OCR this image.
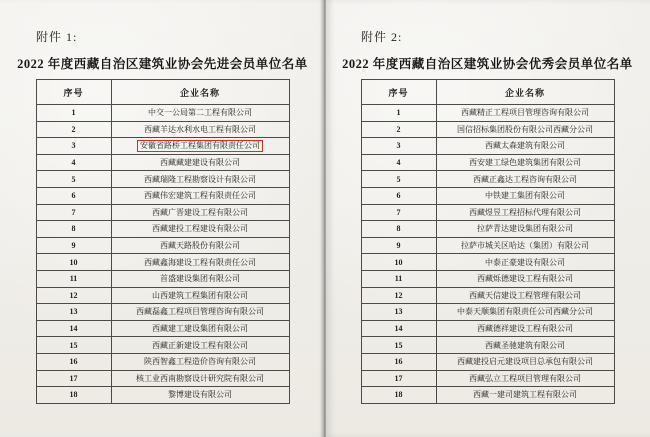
附件 1:
2022 年度西藏自治区建筑业协会先进会员单位名单
序号	企业名称
1	中交一公局第二工程有限公司
2	西藏羊达水利水电工程有限公司
3	安徽省路桥工程集团有限责任公司
4	西藏藏建建设有限公司
5	西藏瑞隆工程勘察设计有限公司
6	西藏伟宏建筑工程有限责任公司
7	西藏广晋建设工程有限公司
8	西藏建投工程建设有限公司
9	西藏天路股份有限公司
10	西藏鑫海建设工程有限责任公司
11	首盛建设集团有限公司
12	山西建筑工程集团有限公司
13	西藏磊鑫工程项目管理咨询有限公司
14	西藏建工建设集团有限公司
15	西藏正新建设工程有限公司
16	陕西智鑫工程造价咨询有限公司
17	核工业西南勘察设计研究院有限公司
18	黎博建设有限公司
附件 2:
2022 年度西藏自治区建筑业协会优秀会员单位名单
序号	企业名称
1	西藏精正工程项目管理咨询有限公司
2	国信招标集团股份有限公司西藏分公司
3	西藏太森建筑有限公司
4	西安建工绿色建筑集团有限公司
5	西藏正鑫达工程咨询有限公司
6	中铁建工集团有限公司
7	西藏煜昱工程招标代理有限公司
8	拉萨青达建设集团有限公司
9	拉萨市城关区哈达（集团）有限公司
10	中泰正豪建设有限公司
11	西藏烁德建设工程有限公司
12	西藏天信建设工程管理有限公司
13	中泰天顺集团有限责任公司西藏分公司
14	西藏德祥建设工程有限公司
15	西藏圣驰建筑有限公司
16	西藏建投启元建设项目总承包有限公司
17	西藏弘立工程项目管理有限公司
18	西藏一建司建筑工程有限公司
